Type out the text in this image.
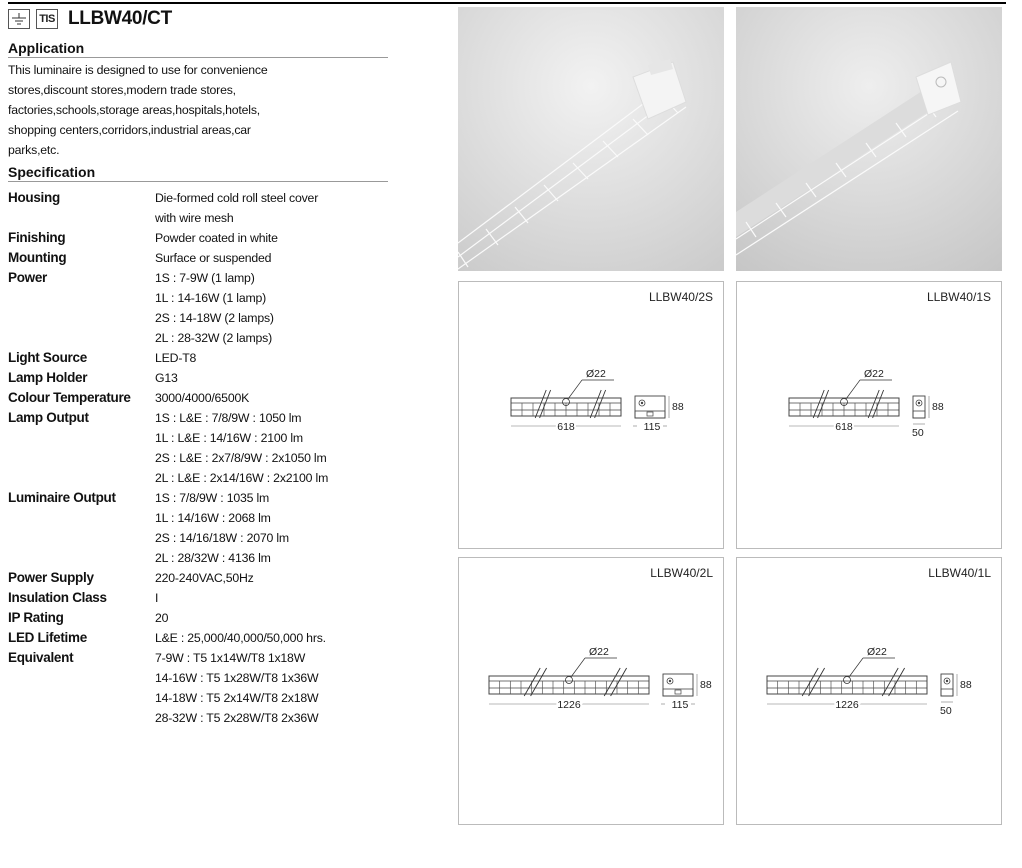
TIS LLBW40/CT
Application
This luminaire is designed to use for convenience
stores,discount stores,modern trade stores,
factories,schools,storage areas,hospitals,hotels,
shopping centers,corridors,industrial areas,car
parks,etc.
Specification
Housing	Die-formed cold roll steel cover
with wire mesh
Finishing	Powder coated in white
Mounting	Surface or suspended
Power	1S : 7-9W (1 lamp)
1L : 14-16W (1 lamp)
2S : 14-18W (2 lamps)
2L : 28-32W (2 lamps)
Light Source	LED-T8
Lamp Holder	G13
Colour Temperature	3000/4000/6500K
Lamp Output	1S : L&E : 7/8/9W : 1050 lm
1L : L&E : 14/16W : 2100 lm
2S : L&E : 2x7/8/9W : 2x1050 lm
2L : L&E : 2x14/16W : 2x2100 lm
Luminaire Output	1S : 7/8/9W : 1035 lm
1L : 14/16W : 2068 lm
2S : 14/16/18W : 2070 lm
2L : 28/32W : 4136 lm
Power Supply	220-240VAC,50Hz
Insulation Class	I
IP Rating	20
LED Lifetime	L&E : 25,000/40,000/50,000 hrs.
Equivalent	7-9W : T5 1x14W/T8 1x18W
14-16W : T5 1x28W/T8 1x36W
14-18W : T5 2x14W/T8 2x18W
28-32W : T5 2x28W/T8 2x36W
LLBW40/2S
Ø22
618
88
115
LLBW40/1S
Ø22
618
88
50
LLBW40/2L
Ø22
1226
88
115
LLBW40/1L
Ø22
1226
88
50
